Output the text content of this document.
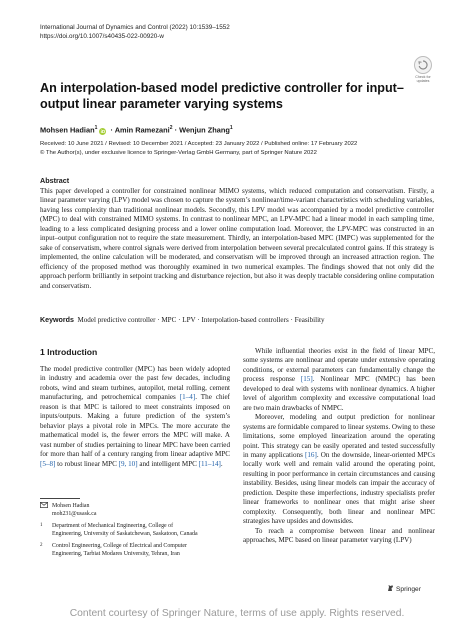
International Journal of Dynamics and Control (2022) 10:1539–1552
https://doi.org/10.1007/s40435-022-00920-w
Check for
updates
An interpolation-based model predictive controller for input–output linear parameter varying systems
Mohsen Hadian$^1$iD · Amin Ramezani$^2$ · Wenjun Zhang$^1$
Received: 10 June 2021 / Revised: 10 December 2021 / Accepted: 23 January 2022 / Published online: 17 February 2022
© The Author(s), under exclusive licence to Springer-Verlag GmbH Germany, part of Springer Nature 2022
Abstract
This paper developed a controller for constrained nonlinear MIMO systems, which reduced computation and conservatism. Firstly, a linear parameter varying (LPV) model was chosen to capture the system’s nonlinear/time-variant characteristics with scheduling variables, having less complexity than traditional nonlinear models. Secondly, this LPV model was accompanied by a model predictive controller (MPC) to deal with constrained MIMO systems. In contrast to nonlinear MPC, an LPV-MPC had a linear model in each sampling time, leading to a less complicated designing process and a lower online computation load. Moreover, the LPV-MPC was constructed in an input–output configuration not to require the state measurement. Thirdly, an interpolation-based MPC (IMPC) was supplemented for the sake of conservatism, where control signals were derived from interpolation between several precalculated control gains. If this strategy is implemented, the online calculation will be moderated, and conservatism will be improved through an increased attraction region. The efficiency of the proposed method was thoroughly examined in two numerical examples. The findings showed that not only did the approach perform brilliantly in setpoint tracking and disturbance rejection, but also it was deeply tractable considering online computation and conservatism.
Keywords Model predictive controller · MPC · LPV · Interpolation-based controllers · Feasibility
1 Introduction

The model predictive controller (MPC) has been widely adopted in industry and academia over the past few decades, including robots, wind and steam turbines, autopilot, metal rolling, cement manufacturing, and petrochemical companies [1–4]. The chief reason is that MPC is tailored to meet constraints imposed on inputs/outputs. Making a future prediction of the system’s behavior plays a pivotal role in MPCs. The more accurate the mathematical model is, the fewer errors the MPC will make. A vast number of studies pertaining to linear MPC have been carried for more than half of a century ranging from linear adaptive MPC [5–8] to robust linear MPC [9, 10] and intelligent MPC [11–14].

Mohsen Hadian
moh231@usask.ca
1	Department of Mechanical Engineering, College of
Engineering, University of Saskatchewan, Saskatoon, Canada
2	Control Engineering, College of Electrical and Computer
Engineering, Tarbiat Modares University, Tehran, Iran

While influential theories exist in the field of linear MPC, some systems are nonlinear and operate under extensive operating conditions, or external parameters can fundamentally change the process response [15]. Nonlinear MPC (NMPC) has been developed to deal with systems with nonlinear dynamics. A higher level of algorithm complexity and excessive computational load are two main drawbacks of NMPC.

Moreover, modeling and output prediction for nonlinear systems are formidable compared to linear systems. Owing to these limitations, some employed linearization around the operating point. This strategy can be easily operated and tested successfully in many applications [16]. On the downside, linear-oriented MPCs locally work well and remain valid around the operating point, resulting in poor performance in certain circumstances and causing instability. Besides, using linear models can impair the accuracy of prediction. Despite these imperfections, industry specialists prefer linear frameworks to nonlinear ones that might arise sheer complexity. Consequently, both linear and nonlinear MPC strategies have upsides and downsides.

To reach a compromise between linear and nonlinear approaches, MPC based on linear parameter varying (LPV)

Springer
Content courtesy of Springer Nature, terms of use apply. Rights reserved.
